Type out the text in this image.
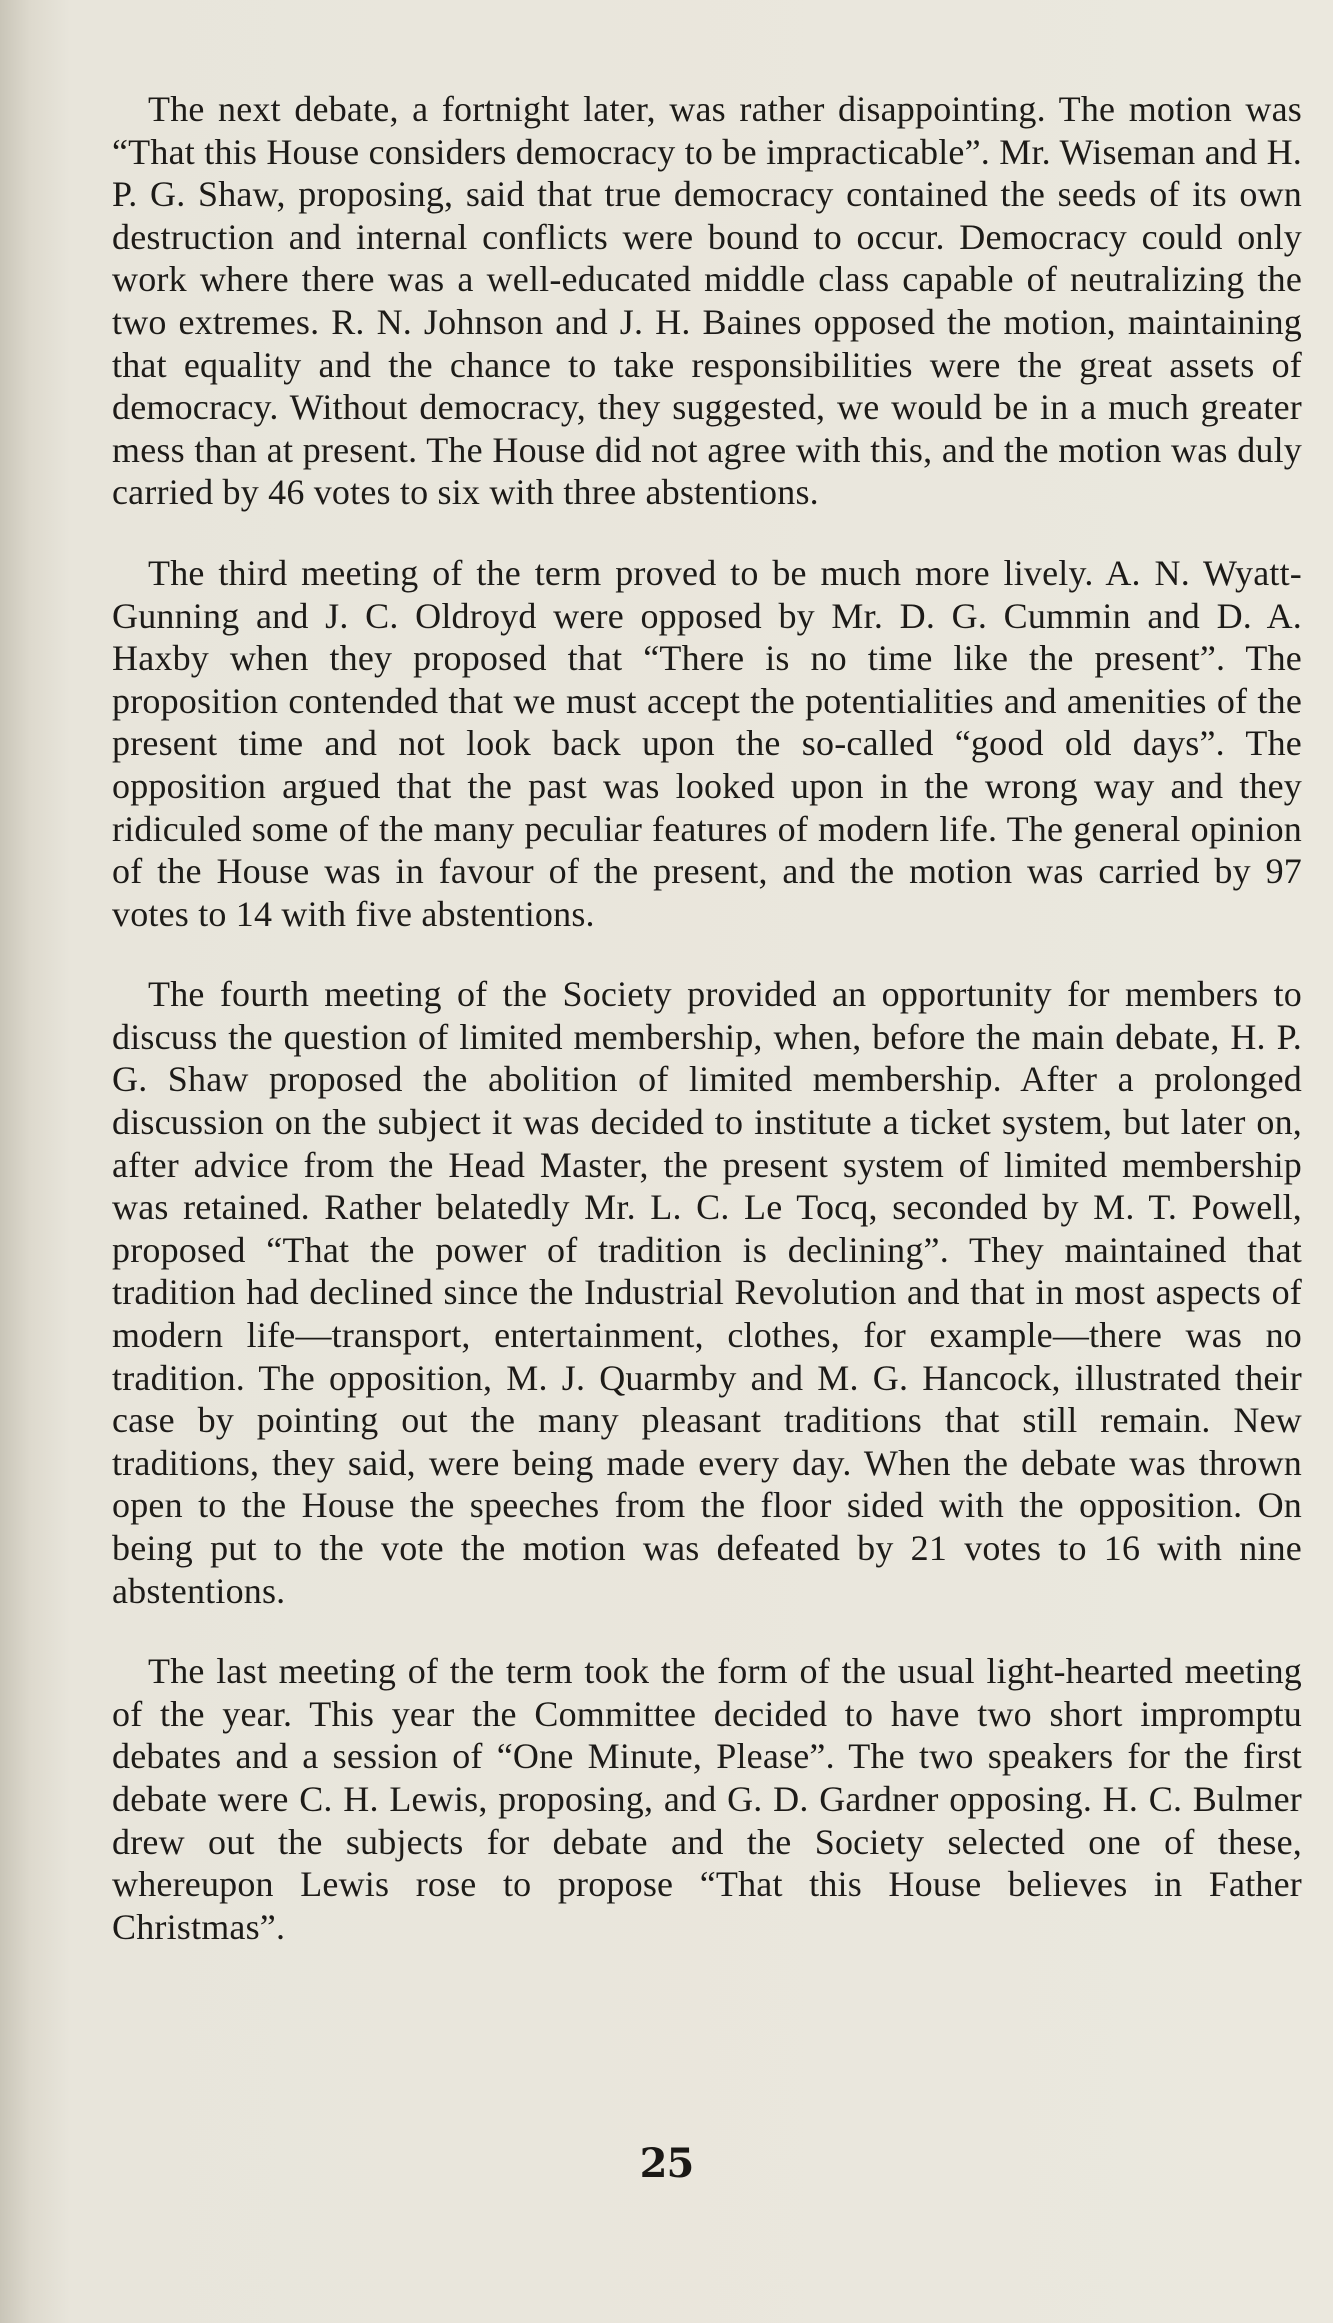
The next debate, a fortnight later, was rather disappointing. The motion was “That this House considers democracy to be impracticable”. Mr. Wiseman and H. P. G. Shaw, proposing, said that true democracy contained the seeds of its own destruction and internal conflicts were bound to occur. Democracy could only work where there was a well-educated middle class capable of neutralizing the two extremes. R. N. Johnson and J. H. Baines opposed the motion, maintaining that equality and the chance to take responsibilities were the great assets of democracy. Without democracy, they suggested, we would be in a much greater mess than at present. The House did not agree with this, and the motion was duly carried by 46 votes to six with three abstentions.

The third meeting of the term proved to be much more lively. A. N. Wyatt-Gunning and J. C. Oldroyd were opposed by Mr. D. G. Cummin and D. A. Haxby when they proposed that “There is no time like the present”. The proposition contended that we must accept the potentialities and amenities of the present time and not look back upon the so-called “good old days”. The opposition argued that the past was looked upon in the wrong way and they ridiculed some of the many peculiar features of modern life. The general opinion of the House was in favour of the present, and the motion was carried by 97 votes to 14 with five abstentions.

The fourth meeting of the Society provided an opportunity for members to discuss the question of limited membership, when, before the main debate, H. P. G. Shaw proposed the abolition of limited membership. After a prolonged discussion on the subject it was decided to institute a ticket system, but later on, after advice from the Head Master, the present system of limited membership was retained. Rather belatedly Mr. L. C. Le Tocq, seconded by M. T. Powell, proposed “That the power of tradition is declining”. They maintained that tradition had declined since the Industrial Revolution and that in most aspects of modern life—transport, entertainment, clothes, for example—there was no tradition. The opposition, M. J. Quarmby and M. G. Hancock, illustrated their case by pointing out the many pleasant traditions that still remain. New traditions, they said, were being made every day. When the debate was thrown open to the House the speeches from the floor sided with the opposition. On being put to the vote the motion was defeated by 21 votes to 16 with nine abstentions.

The last meeting of the term took the form of the usual light-hearted meeting of the year. This year the Committee decided to have two short impromptu debates and a session of “One Minute, Please”. The two speakers for the first debate were C. H. Lewis, proposing, and G. D. Gardner opposing. H. C. Bulmer drew out the subjects for debate and the Society selected one of these, whereupon Lewis rose to propose “That this House believes in Father Christmas”.

25
